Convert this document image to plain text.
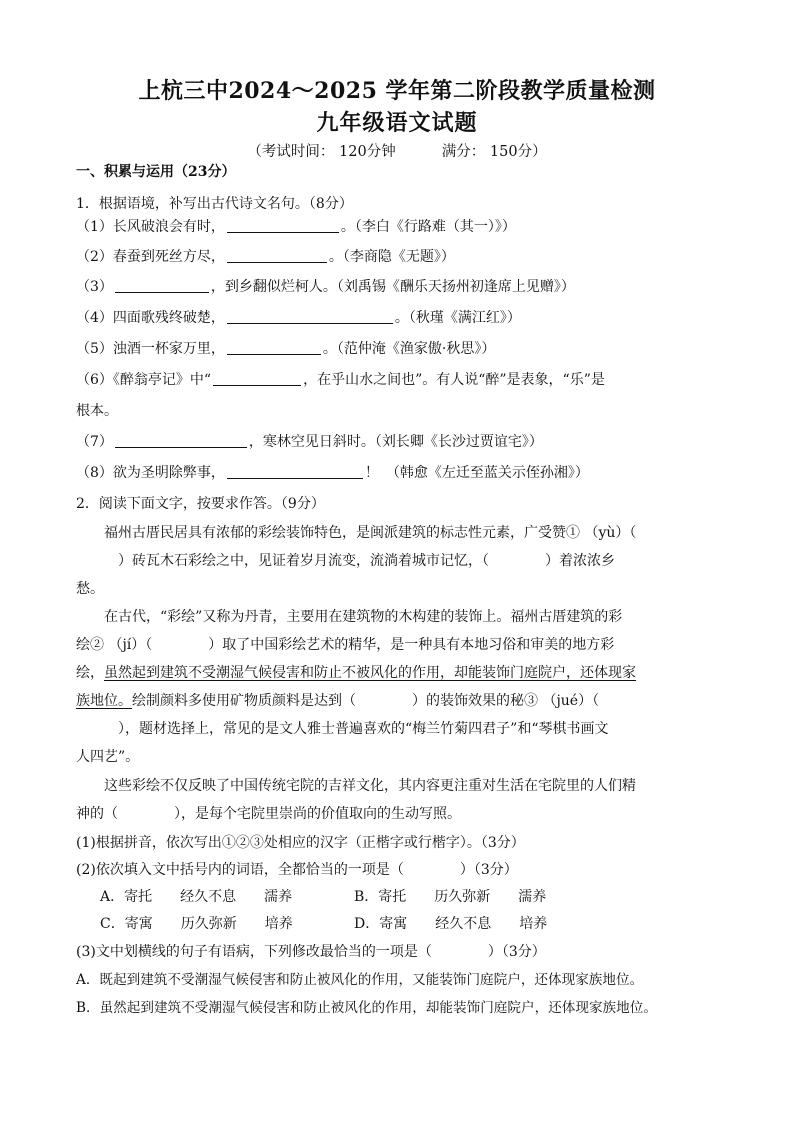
上杭三中2024～2025 学年第二阶段教学质量检测
九年级语文试题
（考试时间： 120分钟	满分： 150分）
一、积累与运用（23分）
1．根据语境，补写出古代诗文名句。（8分）
（1）长风破浪会有时，	。（李白《行路难（其一）》）
（2）春蚕到死丝方尽，	。（李商隐《无题》）
（3）	，到乡翻似烂柯人。（刘禹锡《酬乐天扬州初逢席上见赠》）
（4）四面歌残终破楚，	。（秋瑾《满江红》）
（5）浊酒一杯家万里，	。（范仲淹《渔家傲·秋思》）
（6）《醉翁亭记》中“	，在乎山水之间也”。有人说“醉”是表象，“乐”是
根本。
（7）	，寒林空见日斜时。（刘长卿《长沙过贾谊宅》）
（8）欲为圣明除弊事，	！　（韩愈《左迁至蓝关示侄孙湘》）
2．阅读下面文字，按要求作答。（9分）
福州古厝民居具有浓郁的彩绘装饰特色，是闽派建筑的标志性元素，广受赞① （yù）（
　　　）砖瓦木石彩绘之中，见证着岁月流变，流淌着城市记忆，（　　　　）着浓浓乡
愁。
在古代，“彩绘”又称为丹青，主要用在建筑物的木构建的装饰上。福州古厝建筑的彩
绘② （jí）（　　　　）取了中国彩绘艺术的精华，是一种具有本地习俗和审美的地方彩
绘，虽然起到建筑不受潮湿气候侵害和防止不被风化的作用，却能装饰门庭院户，还体现家
族地位。绘制颜料多使用矿物质颜料是达到（　　　　）的装饰效果的秘③ （jué）（
　　　），题材选择上，常见的是文人雅士普遍喜欢的“梅兰竹菊四君子”和“琴棋书画文
人四艺”。
这些彩绘不仅反映了中国传统宅院的吉祥文化，其内容更注重对生活在宅院里的人们精
神的（　　　　），是每个宅院里崇尚的价值取向的生动写照。
(1)根据拼音，依次写出①②③处相应的汉字（正楷字或行楷字）。（3分）
(2)依次填入文中括号内的词语，全都恰当的一项是（　　　　）（3分）
A．寄托　　经久不息　　濡养	B．寄托　　历久弥新　　濡养
C．寄寓　　历久弥新　　培养	D．寄寓　　经久不息　　培养
(3)文中划横线的句子有语病，下列修改最恰当的一项是（　　　　）（3分）
A．既起到建筑不受潮湿气候侵害和防止被风化的作用，又能装饰门庭院户，还体现家族地位。
B．虽然起到建筑不受潮湿气候侵害和防止被风化的作用，却能装饰门庭院户，还体现家族地位。
